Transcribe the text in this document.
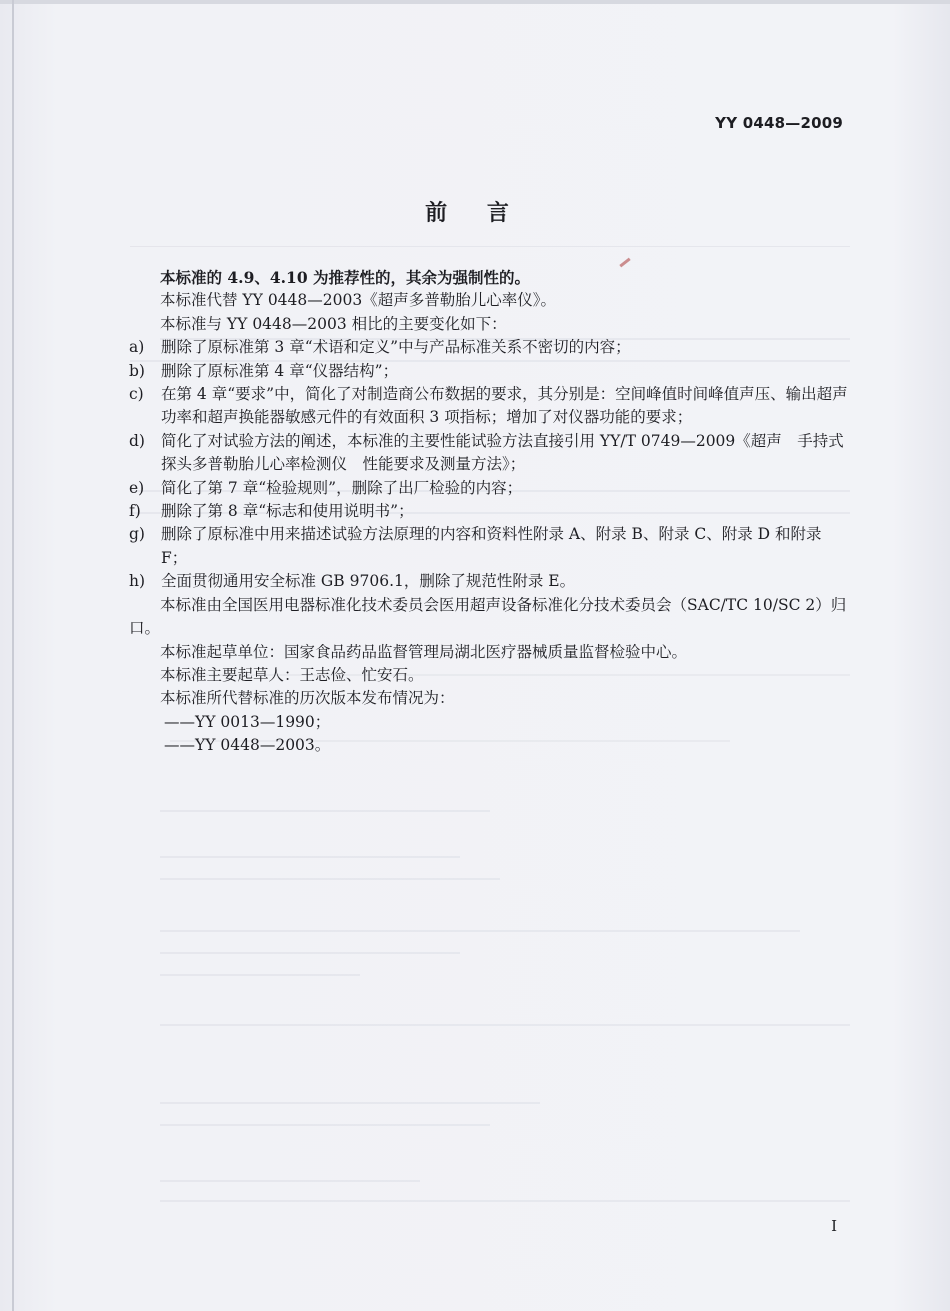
YY 0448—2009
前 言

本标准的 4.9、4.10 为推荐性的，其余为强制性的。

本标准代替 YY 0448—2003《超声多普勒胎儿心率仪》。

本标准与 YY 0448—2003 相比的主要变化如下：

a)	删除了原标准第 3 章“术语和定义”中与产品标准关系不密切的内容；
b)	删除了原标准第 4 章“仪器结构”；
c)	在第 4 章“要求”中，简化了对制造商公布数据的要求，其分别是：空间峰值时间峰值声压、输出超声功率和超声换能器敏感元件的有效面积 3 项指标；增加了对仪器功能的要求；
d)	简化了对试验方法的阐述，本标准的主要性能试验方法直接引用 YY/T 0749—2009《超声　手持式探头多普勒胎儿心率检测仪　性能要求及测量方法》；
e)	简化了第 7 章“检验规则”，删除了出厂检验的内容；
f)	删除了第 8 章“标志和使用说明书”；
g)	删除了原标准中用来描述试验方法原理的内容和资料性附录 A、附录 B、附录 C、附录 D 和附录 F；
h)	全面贯彻通用安全标准 GB 9706.1，删除了规范性附录 E。

本标准由全国医用电器标准化技术委员会医用超声设备标准化分技术委员会（SAC/TC 10/SC 2）归口。

本标准起草单位：国家食品药品监督管理局湖北医疗器械质量监督检验中心。

本标准主要起草人：王志俭、忙安石。

本标准所代替标准的历次版本发布情况为：

——YY 0013—1990；

——YY 0448—2003。

I
